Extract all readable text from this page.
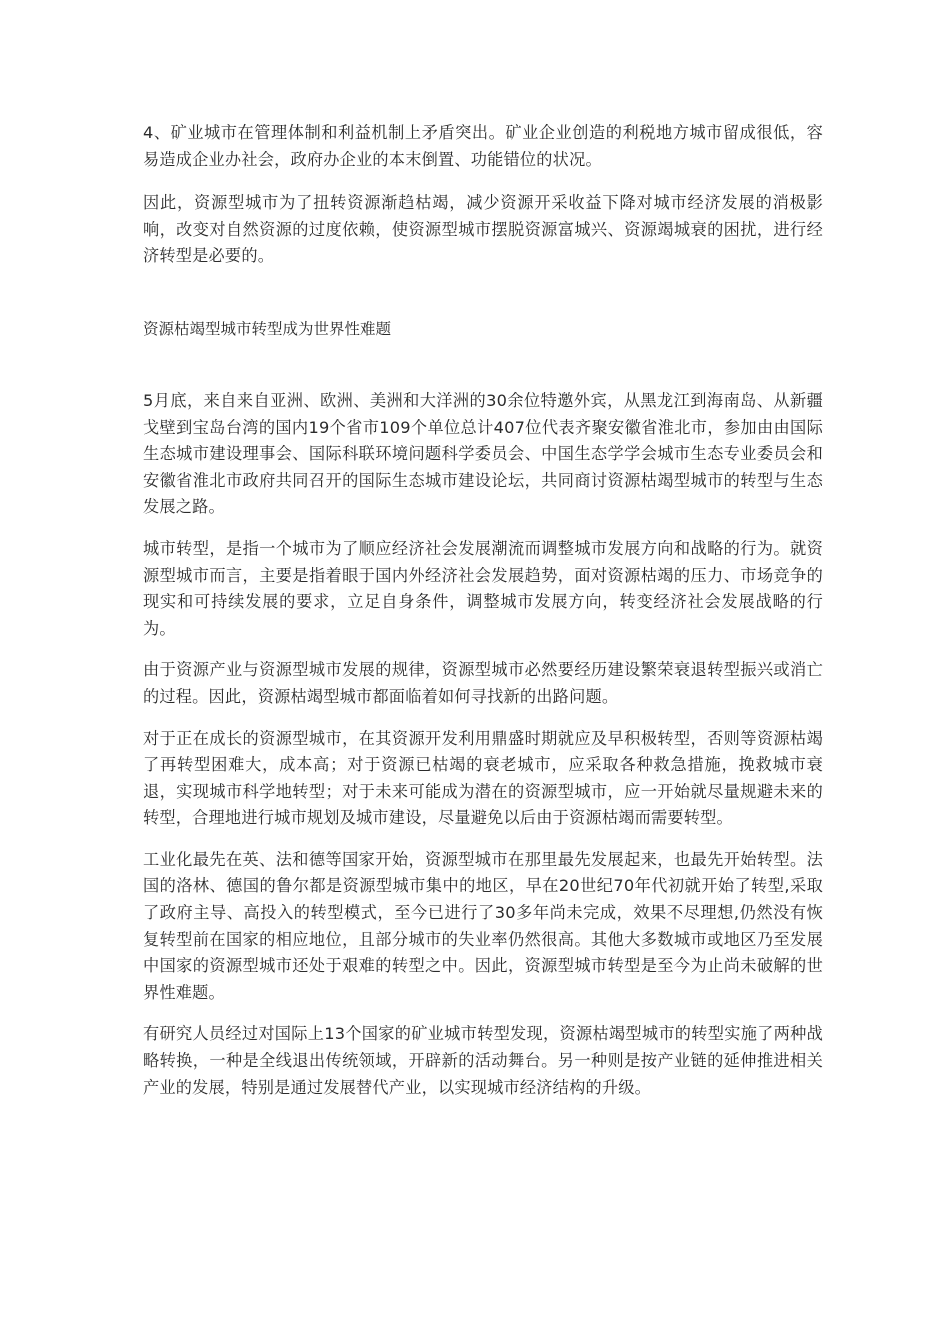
4、矿业城市在管理体制和利益机制上矛盾突出。矿业企业创造的利税地方城市留成很低，容易造成企业办社会，政府办企业的本末倒置、功能错位的状况。

因此，资源型城市为了扭转资源渐趋枯竭，减少资源开采收益下降对城市经济发展的消极影响，改变对自然资源的过度依赖，使资源型城市摆脱资源富城兴、资源竭城衰的困扰，进行经济转型是必要的。

资源枯竭型城市转型成为世界性难题

5月底，来自来自亚洲、欧洲、美洲和大洋洲的30余位特邀外宾，从黑龙江到海南岛、从新疆戈壁到宝岛台湾的国内19个省市109个单位总计407位代表齐聚安徽省淮北市，参加由由国际生态城市建设理事会、国际科联环境问题科学委员会、中国生态学学会城市生态专业委员会和安徽省淮北市政府共同召开的国际生态城市建设论坛，共同商讨资源枯竭型城市的转型与生态发展之路。

城市转型，是指一个城市为了顺应经济社会发展潮流而调整城市发展方向和战略的行为。就资源型城市而言，主要是指着眼于国内外经济社会发展趋势，面对资源枯竭的压力、市场竞争的现实和可持续发展的要求，立足自身条件，调整城市发展方向，转变经济社会发展战略的行为。

由于资源产业与资源型城市发展的规律，资源型城市必然要经历建设繁荣衰退转型振兴或消亡的过程。因此，资源枯竭型城市都面临着如何寻找新的出路问题。

对于正在成长的资源型城市，在其资源开发利用鼎盛时期就应及早积极转型，否则等资源枯竭了再转型困难大，成本高；对于资源已枯竭的衰老城市，应采取各种救急措施，挽救城市衰退，实现城市科学地转型；对于未来可能成为潜在的资源型城市，应一开始就尽量规避未来的转型，合理地进行城市规划及城市建设，尽量避免以后由于资源枯竭而需要转型。

工业化最先在英、法和德等国家开始，资源型城市在那里最先发展起来，也最先开始转型。法国的洛林、德国的鲁尔都是资源型城市集中的地区，早在20世纪70年代初就开始了转型,采取了政府主导、高投入的转型模式，至今已进行了30多年尚未完成，效果不尽理想,仍然没有恢复转型前在国家的相应地位，且部分城市的失业率仍然很高。其他大多数城市或地区乃至发展中国家的资源型城市还处于艰难的转型之中。因此，资源型城市转型是至今为止尚未破解的世界性难题。

有研究人员经过对国际上13个国家的矿业城市转型发现，资源枯竭型城市的转型实施了两种战略转换，一种是全线退出传统领域，开辟新的活动舞台。另一种则是按产业链的延伸推进相关产业的发展，特别是通过发展替代产业，以实现城市经济结构的升级。
